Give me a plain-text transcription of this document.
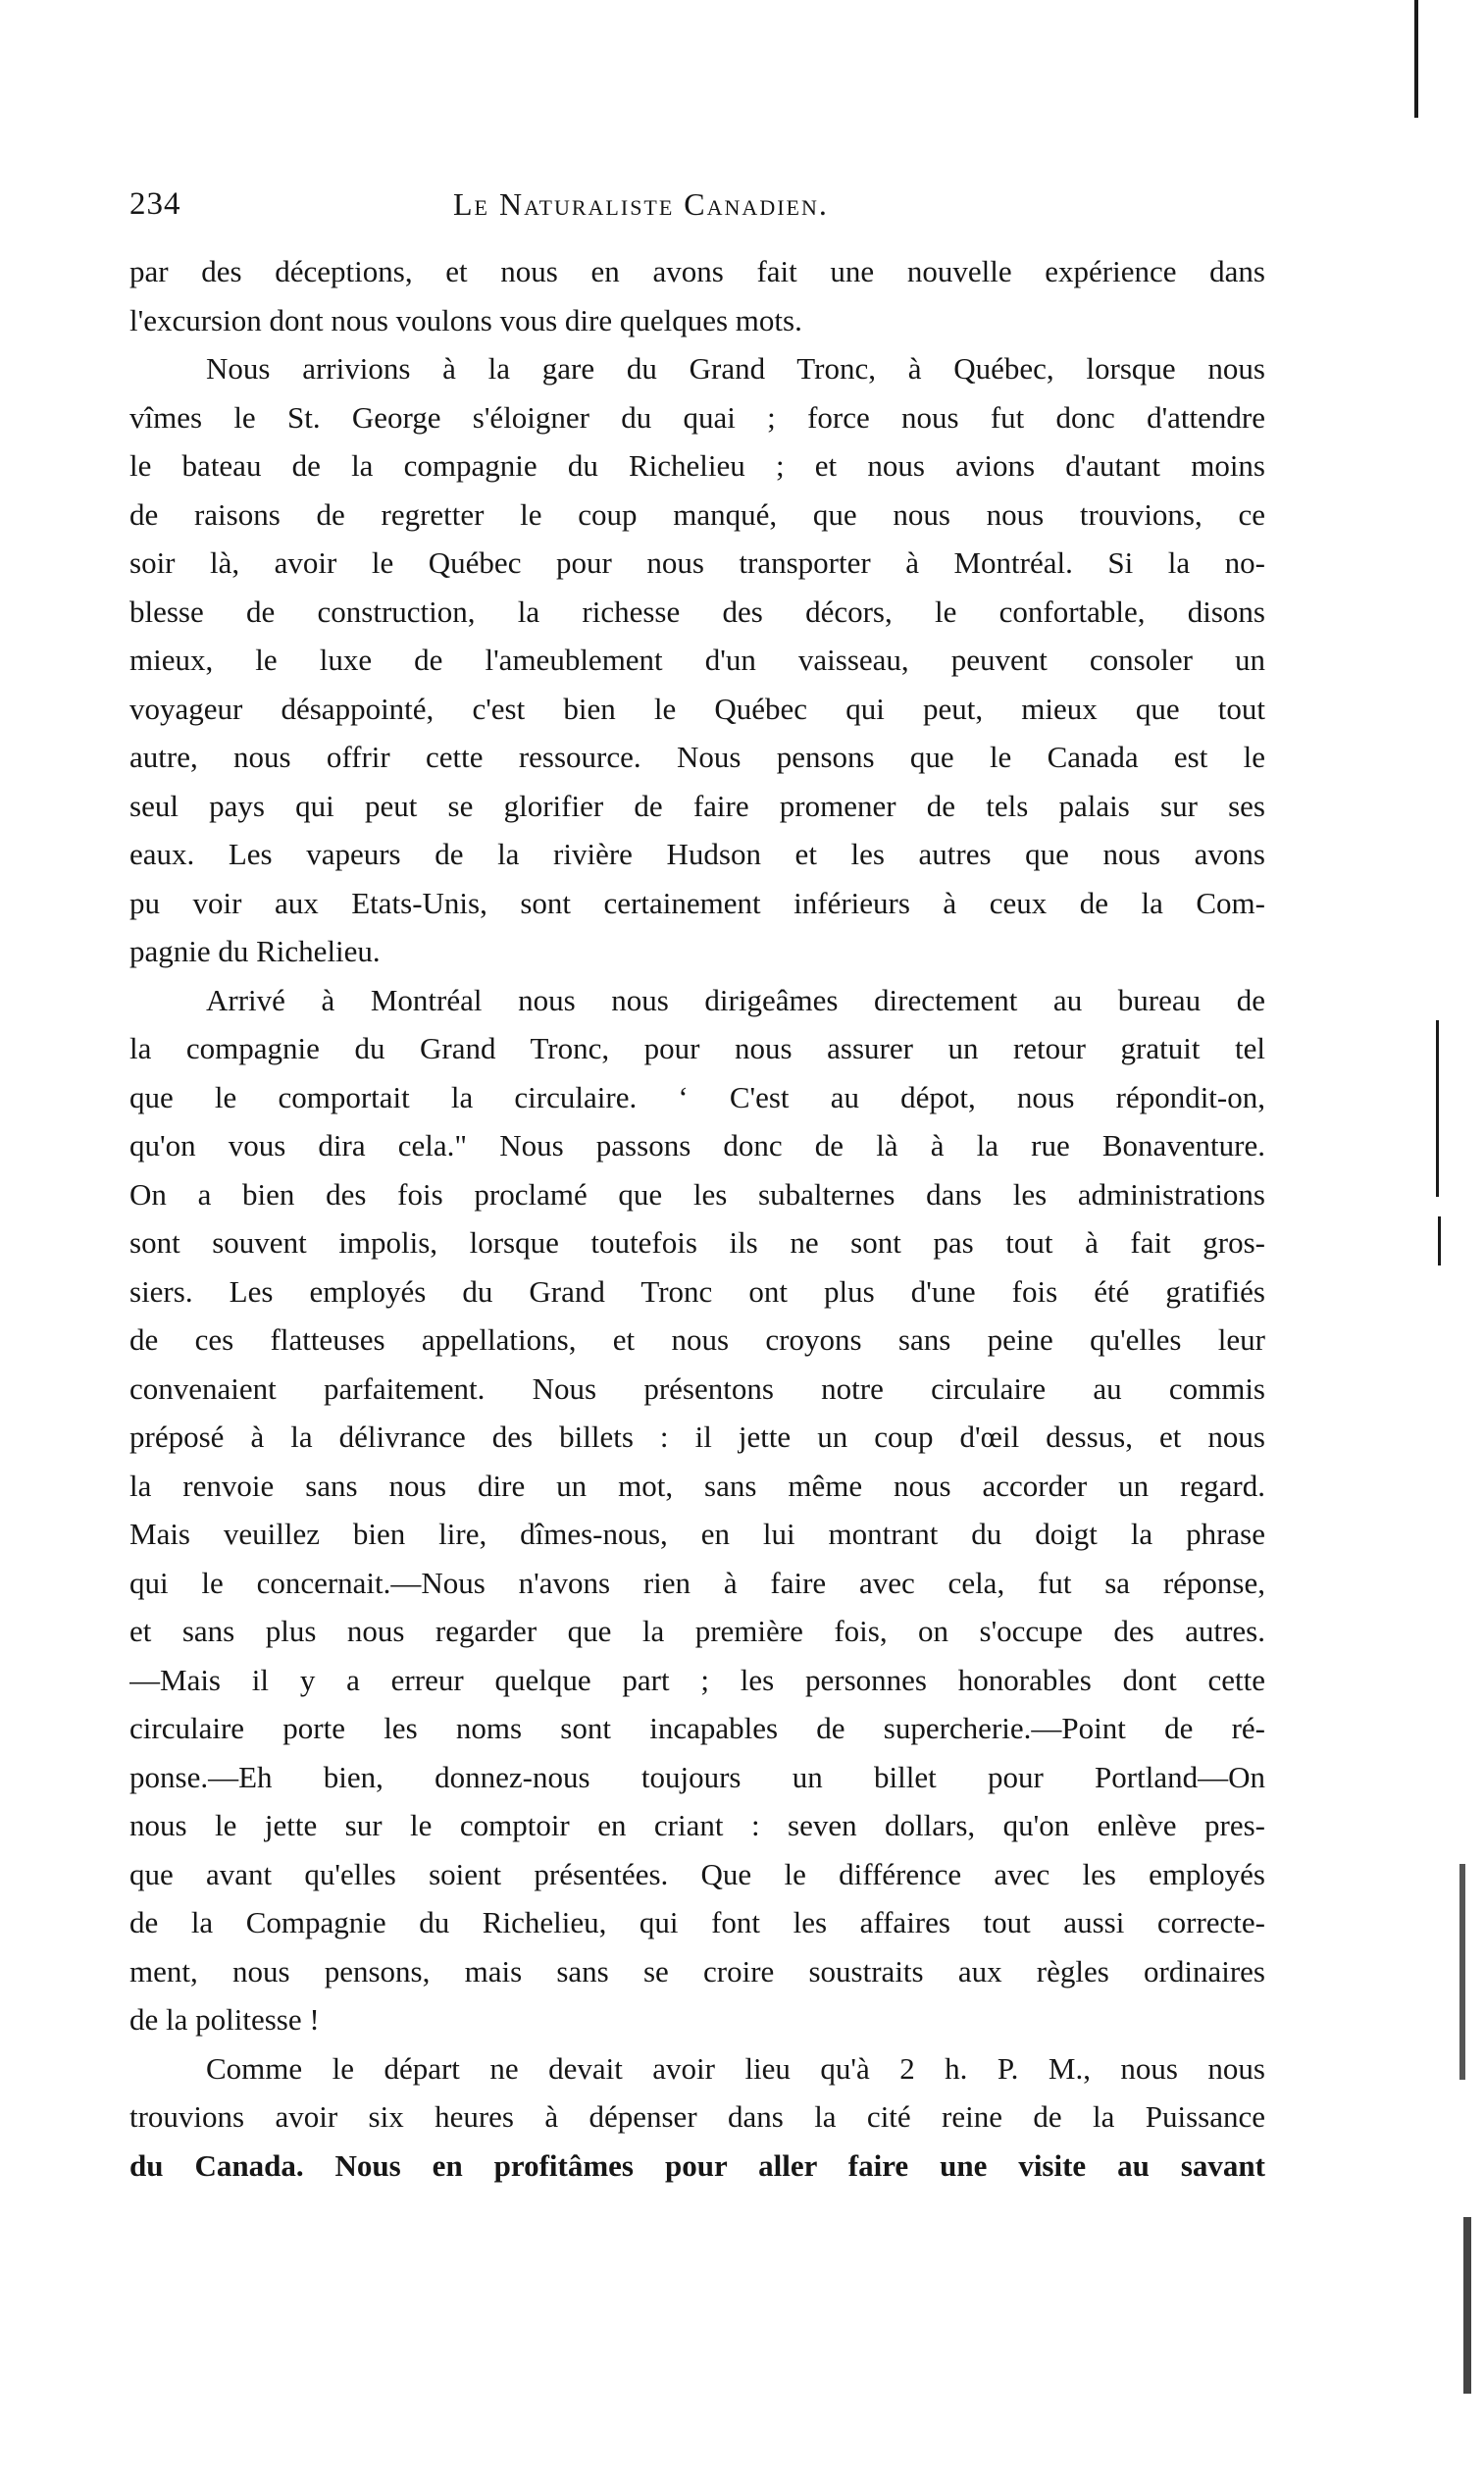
234	Le Naturaliste Canadien.
par des déceptions, et nous en avons fait une nouvelle expérience dans
l'excursion dont nous voulons vous dire quelques mots.
Nous arrivions à la gare du Grand Tronc, à Québec, lorsque nous
vîmes le St. George s'éloigner du quai ; force nous fut donc d'attendre
le bateau de la compagnie du Richelieu ; et nous avions d'autant moins
de raisons de regretter le coup manqué, que nous nous trouvions, ce
soir là, avoir le Québec pour nous transporter à Montréal. Si la no-
blesse de construction, la richesse des décors, le confortable, disons
mieux, le luxe de l'ameublement d'un vaisseau, peuvent consoler un
voyageur désappointé, c'est bien le Québec qui peut, mieux que tout
autre, nous offrir cette ressource. Nous pensons que le Canada est le
seul pays qui peut se glorifier de faire promener de tels palais sur ses
eaux. Les vapeurs de la rivière Hudson et les autres que nous avons
pu voir aux Etats-Unis, sont certainement inférieurs à ceux de la Com-
pagnie du Richelieu.
Arrivé à Montréal nous nous dirigeâmes directement au bureau de
la compagnie du Grand Tronc, pour nous assurer un retour gratuit tel
que le comportait la circulaire. ‘ C'est au dépot, nous répondit-on,
qu'on vous dira cela." Nous passons donc de là à la rue Bonaventure.
On a bien des fois proclamé que les subalternes dans les administrations
sont souvent impolis, lorsque toutefois ils ne sont pas tout à fait gros-
siers. Les employés du Grand Tronc ont plus d'une fois été gratifiés
de ces flatteuses appellations, et nous croyons sans peine qu'elles leur
convenaient parfaitement. Nous présentons notre circulaire au commis
préposé à la délivrance des billets : il jette un coup d'œil dessus, et nous
la renvoie sans nous dire un mot, sans même nous accorder un regard.
Mais veuillez bien lire, dîmes-nous, en lui montrant du doigt la phrase
qui le concernait.—Nous n'avons rien à faire avec cela, fut sa réponse,
et sans plus nous regarder que la première fois, on s'occupe des autres.
—Mais il y a erreur quelque part ; les personnes honorables dont cette
circulaire porte les noms sont incapables de supercherie.—Point de ré-
ponse.—Eh bien, donnez-nous toujours un billet pour Portland—On
nous le jette sur le comptoir en criant : seven dollars, qu'on enlève pres-
que avant qu'elles soient présentées. Que le différence avec les employés
de la Compagnie du Richelieu, qui font les affaires tout aussi correcte-
ment, nous pensons, mais sans se croire soustraits aux règles ordinaires
de la politesse !
Comme le départ ne devait avoir lieu qu'à 2 h. P. M., nous nous
trouvions avoir six heures à dépenser dans la cité reine de la Puissance
du Canada. Nous en profitâmes pour aller faire une visite au savant
